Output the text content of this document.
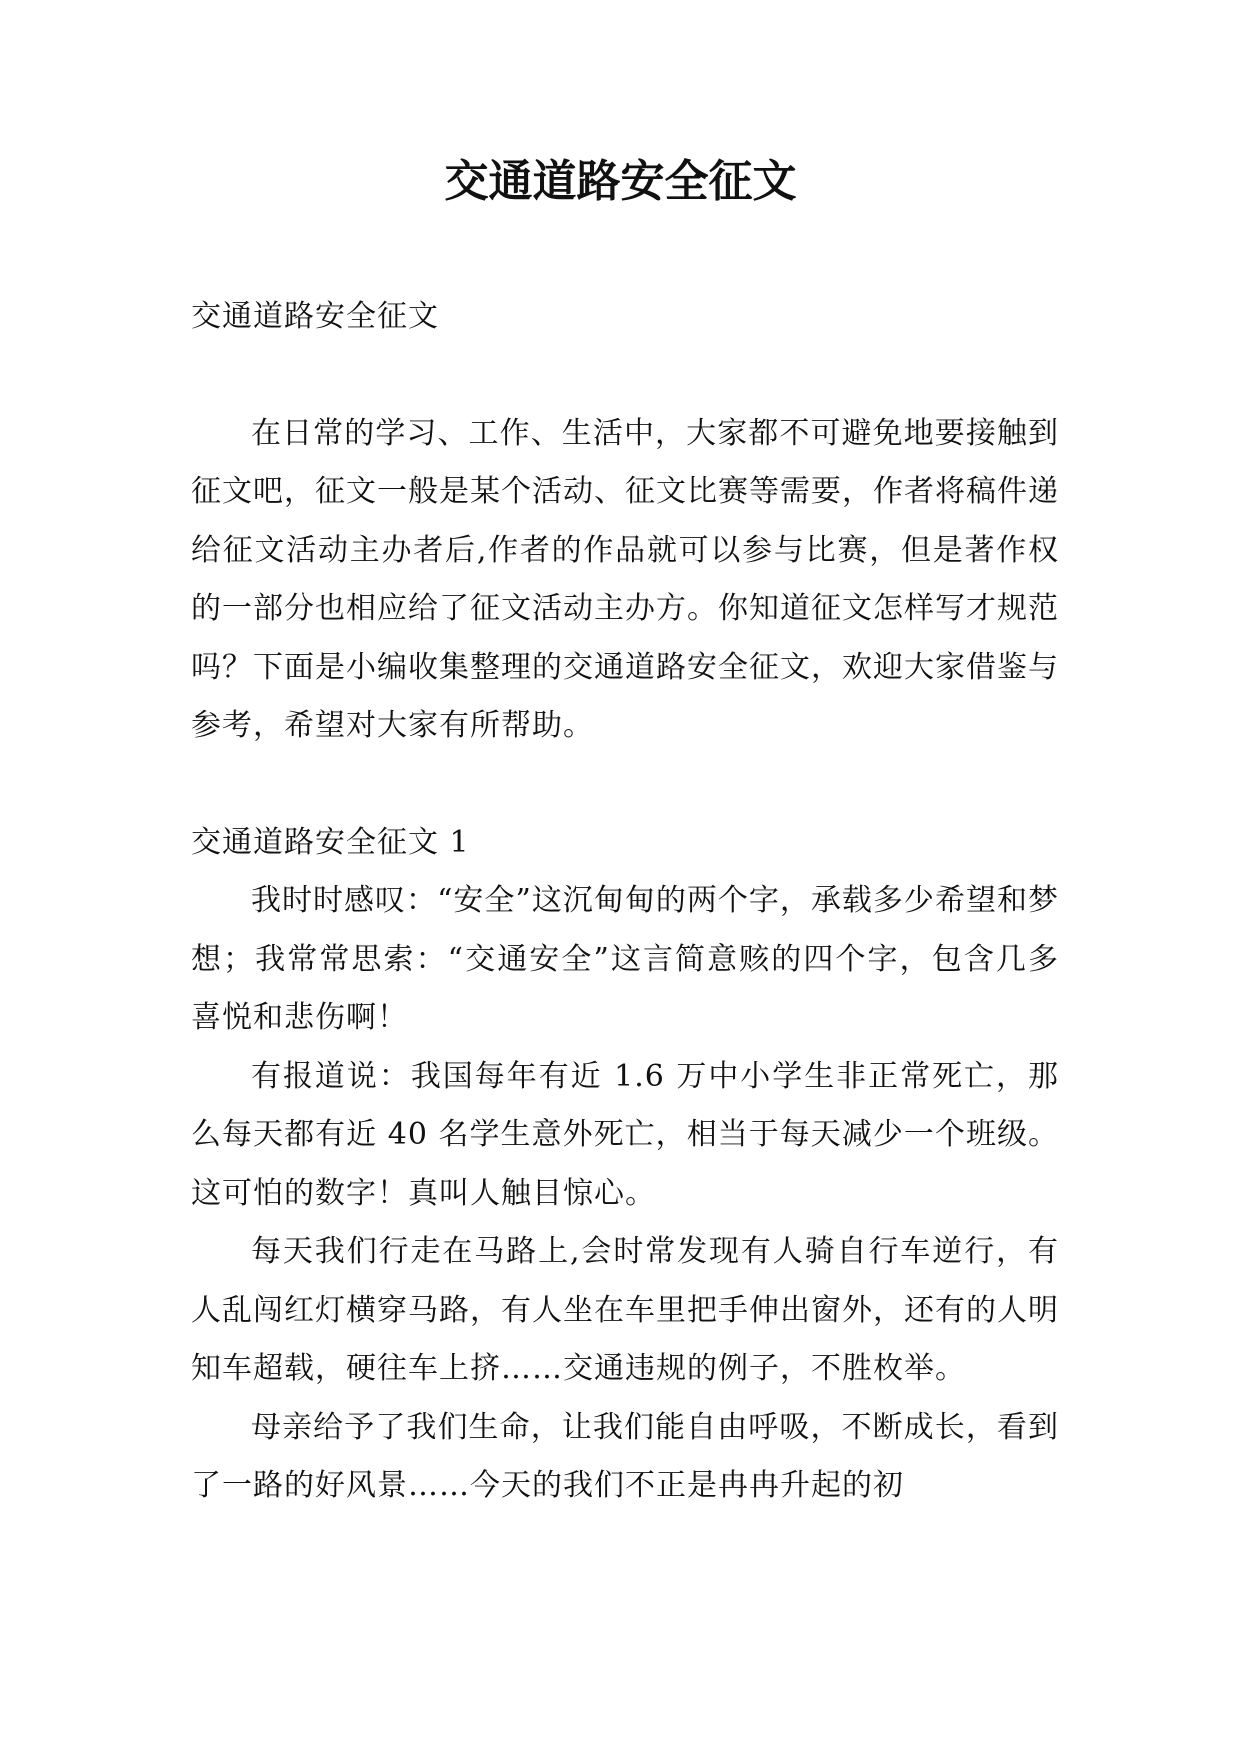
交通道路安全征文

交通道路安全征文

在日常的学习、工作、生活中，大家都不可避免地要接触到征文吧，征文一般是某个活动、征文比赛等需要，作者将稿件递给征文活动主办者后,作者的作品就可以参与比赛，但是著作权的一部分也相应给了征文活动主办方。你知道征文怎样写才规范吗？下面是小编收集整理的交通道路安全征文，欢迎大家借鉴与参考，希望对大家有所帮助。

交通道路安全征文 1

我时时感叹：“安全”这沉甸甸的两个字，承载多少希望和梦想；我常常思索：“交通安全”这言简意赅的四个字，包含几多喜悦和悲伤啊！

有报道说：我国每年有近 1.6 万中小学生非正常死亡，那么每天都有近 40 名学生意外死亡，相当于每天减少一个班级。这可怕的数字！真叫人触目惊心。

每天我们行走在马路上,会时常发现有人骑自行车逆行，有人乱闯红灯横穿马路，有人坐在车里把手伸出窗外，还有的人明知车超载，硬往车上挤……交通违规的例子，不胜枚举。

母亲给予了我们生命，让我们能自由呼吸，不断成长，看到了一路的好风景……今天的我们不正是冉冉升起的初
